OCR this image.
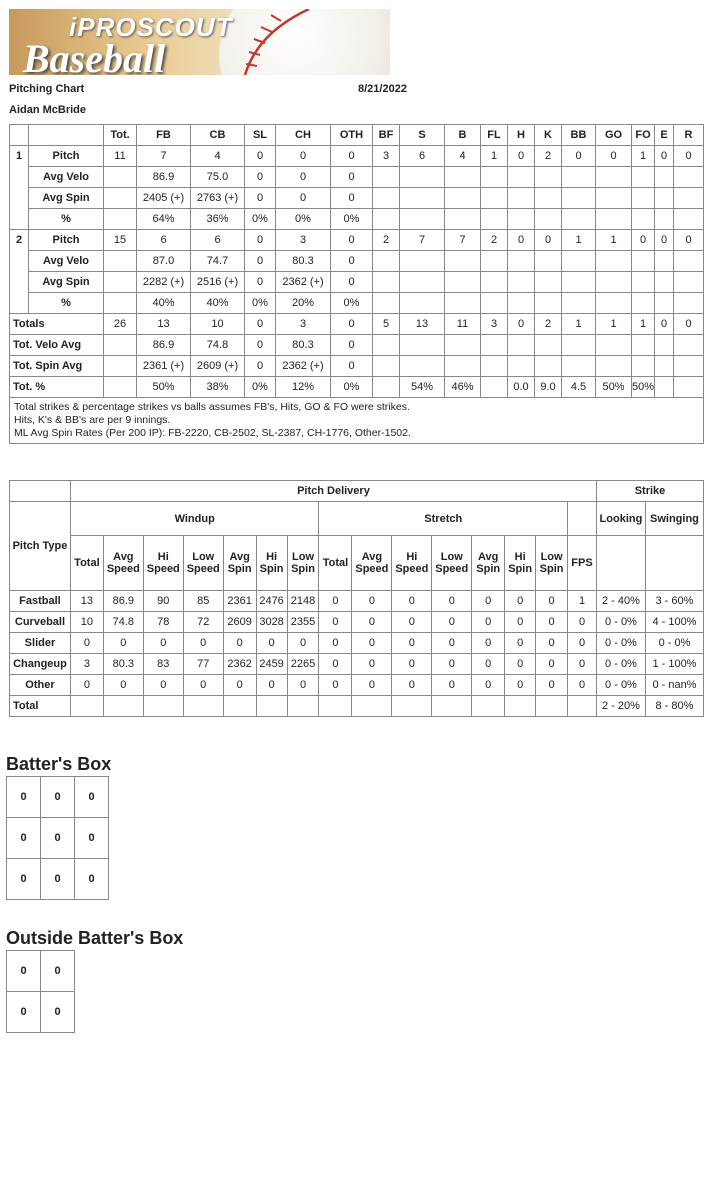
iPROSCOUT
Baseball
Pitching Chart	8/21/2022
Aidan McBride
		Tot.	FB	CB	SL	CH	OTH	BF	S	B	FL	H	K	BB	GO	FO	E	R
1	Pitch	11	7	4	0	0	0	3	6	4	1	0	2	0	0	1	0	0
	Avg Velo		86.9	75.0	0	0	0											
	Avg Spin		2405 (+)	2763 (+)	0	0	0											
	%		64%	36%	0%	0%	0%											
2	Pitch	15	6	6	0	3	0	2	7	7	2	0	0	1	1	0	0	0
	Avg Velo		87.0	74.7	0	80.3	0											
	Avg Spin		2282 (+)	2516 (+)	0	2362 (+)	0											
	%		40%	40%	0%	20%	0%											
Totals		26	13	10	0	3	0	5	13	11	3	0	2	1	1	1	0	0
Tot. Velo Avg			86.9	74.8	0	80.3	0											
Tot. Spin Avg			2361 (+)	2609 (+)	0	2362 (+)	0											
Tot. %			50%	38%	0%	12%	0%		54%	46%		0.0	9.0	4.5	50%	50%		

Total strikes & percentage strikes vs balls assumes FB's, Hits, GO & FO were strikes.
Hits, K's & BB's are per 9 innings.
ML Avg Spin Rates (Per 200 IP): FB-2220, CB-2502, SL-2387, CH-1776, Other-1502.																		
	Pitch Delivery															Strike	
Pitch Type	Windup							Stretch								Looking	Swinging
	Total	Avg Speed	Hi Speed	Low Speed	Avg Spin	Hi Spin	Low Spin	Total	Avg Speed	Hi Speed	Low Speed	Avg Spin	Hi Spin	Low Spin	FPS		
Fastball	13	86.9	90	85	2361	2476	2148	0	0	0	0	0	0	0	1	2 - 40%	3 - 60%
Curveball	10	74.8	78	72	2609	3028	2355	0	0	0	0	0	0	0	0	0 - 0%	4 - 100%
Slider	0	0	0	0	0	0	0	0	0	0	0	0	0	0	0	0 - 0%	0 - 0%
Changeup	3	80.3	83	77	2362	2459	2265	0	0	0	0	0	0	0	0	0 - 0%	1 - 100%
Other	0	0	0	0	0	0	0	0	0	0	0	0	0	0	0	0 - 0%	0 - nan%
Total																2 - 20%	8 - 80%
Batter's Box
0	0	0
0	0	0
0	0	0
Outside Batter's Box
0	0
0	0
